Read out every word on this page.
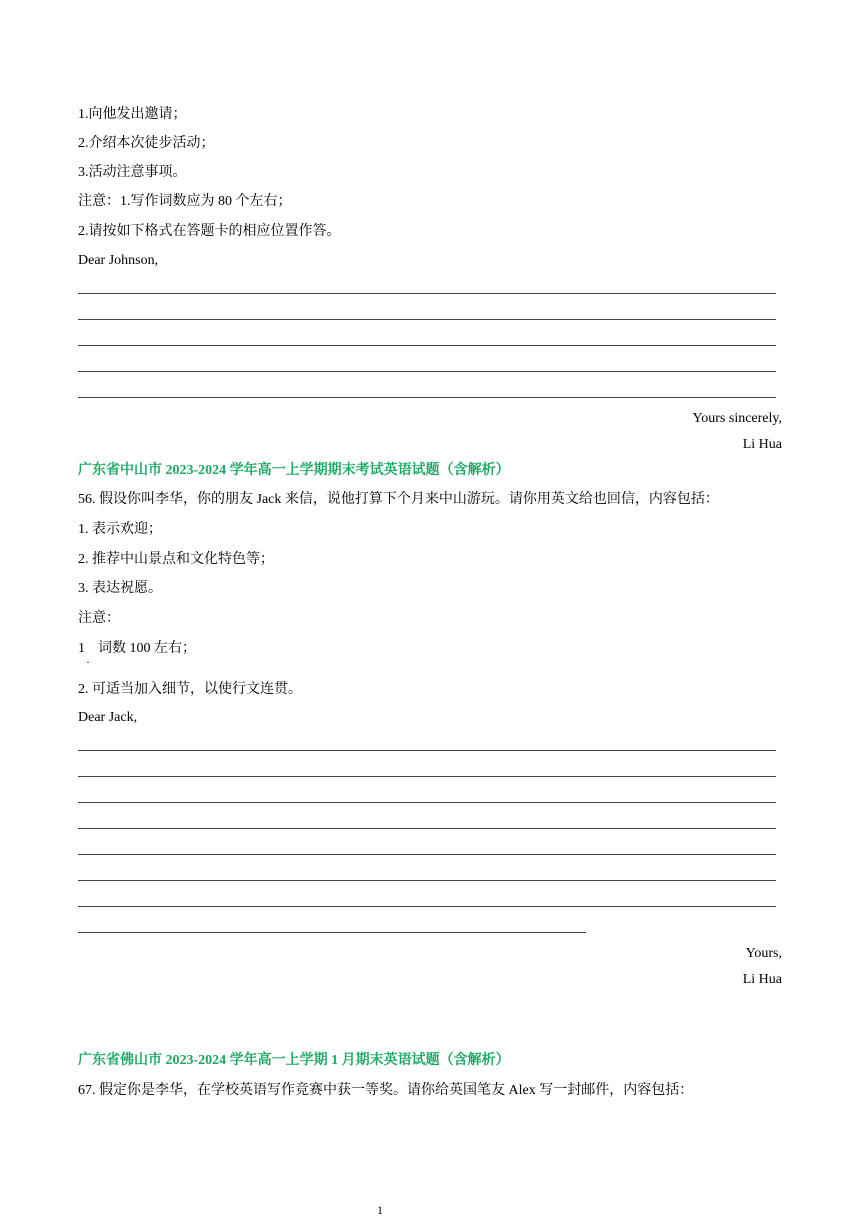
1.向他发出邀请；
2.介绍本次徒步活动；
3.活动注意事项。
注意：1.写作词数应为 80 个左右；
2.请按如下格式在答题卡的相应位置作答。
Dear Johnson,
Yours sincerely,
Li Hua
广东省中山市 2023-2024 学年高一上学期期末考试英语试题（含解析）
56. 假设你叫李华，你的朋友 Jack 来信，说他打算下个月来中山游玩。请你用英文给也回信，内容包括：
1. 表示欢迎；
2. 推荐中山景点和文化特色等；
3. 表达祝愿。
注意：
1
·
词数 100 左右；
2. 可适当加入细节，以使行文连贯。
Dear Jack,
Yours,
Li Hua
广东省佛山市 2023-2024 学年高一上学期 1 月期末英语试题（含解析）
67. 假定你是李华，在学校英语写作竞赛中获一等奖。请你给英国笔友 Alex 写一封邮件，内容包括：
1
